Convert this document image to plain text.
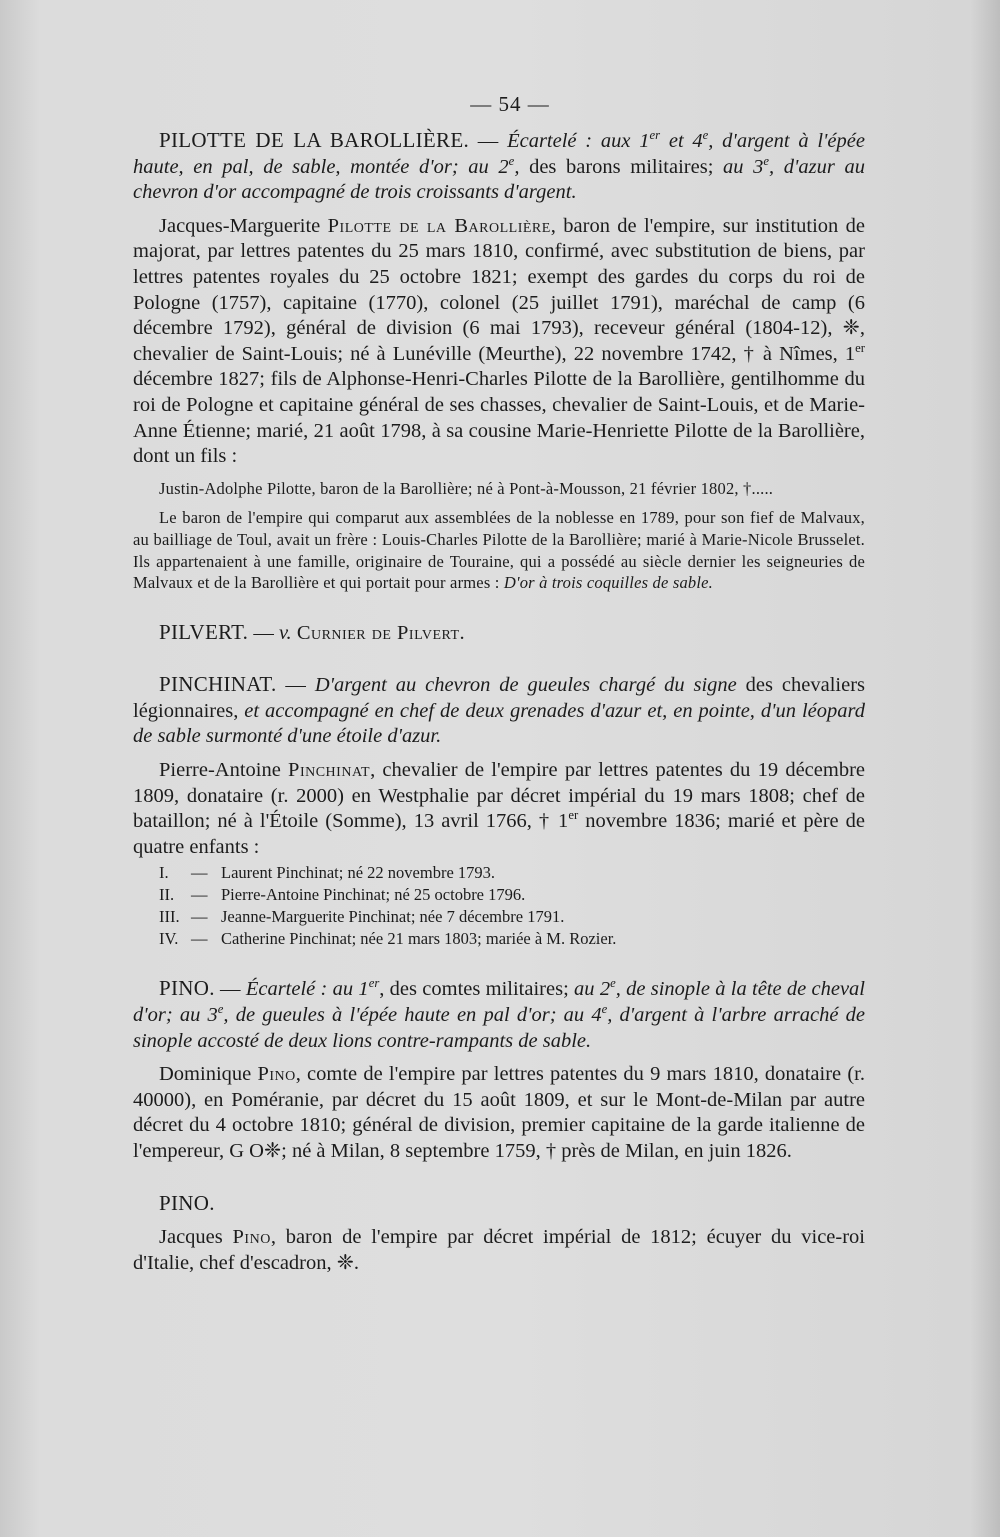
— 54 —

PILOTTE DE LA BAROLLIÈRE. — Écartelé : aux 1er et 4e, d'argent à l'épée haute, en pal, de sable, montée d'or; au 2e, des barons militaires; au 3e, d'azur au chevron d'or accompagné de trois croissants d'argent.

Jacques-Marguerite Pilotte de la Barollière, baron de l'empire, sur institution de majorat, par lettres patentes du 25 mars 1810, confirmé, avec substitution de biens, par lettres patentes royales du 25 octobre 1821; exempt des gardes du corps du roi de Pologne (1757), capitaine (1770), colonel (25 juillet 1791), maréchal de camp (6 décembre 1792), général de division (6 mai 1793), receveur général (1804-12), ❈, chevalier de Saint-Louis; né à Lunéville (Meurthe), 22 novembre 1742, † à Nîmes, 1er décembre 1827; fils de Alphonse-Henri-Charles Pilotte de la Barollière, gentilhomme du roi de Pologne et capitaine général de ses chasses, chevalier de Saint-Louis, et de Marie-Anne Étienne; marié, 21 août 1798, à sa cousine Marie-Henriette Pilotte de la Barollière, dont un fils :

Justin-Adolphe Pilotte, baron de la Barollière; né à Pont-à-Mousson, 21 février 1802, †.....

Le baron de l'empire qui comparut aux assemblées de la noblesse en 1789, pour son fief de Malvaux, au bailliage de Toul, avait un frère : Louis-Charles Pilotte de la Barollière; marié à Marie-Nicole Brusselet. Ils appartenaient à une famille, originaire de Touraine, qui a possédé au siècle dernier les seigneuries de Malvaux et de la Barollière et qui portait pour armes : D'or à trois coquilles de sable.

PILVERT. — v. Curnier de Pilvert.

PINCHINAT. — D'argent au chevron de gueules chargé du signe des chevaliers légionnaires, et accompagné en chef de deux grenades d'azur et, en pointe, d'un léopard de sable surmonté d'une étoile d'azur.

Pierre-Antoine Pinchinat, chevalier de l'empire par lettres patentes du 19 décembre 1809, donataire (r. 2000) en Westphalie par décret impérial du 19 mars 1808; chef de bataillon; né à l'Étoile (Somme), 13 avril 1766, † 1er novembre 1836; marié et père de quatre enfants :

I.	— Laurent Pinchinat; né 22 novembre 1793.
II.	— Pierre-Antoine Pinchinat; né 25 octobre 1796.
III. — Jeanne-Marguerite Pinchinat; née 7 décembre 1791.
IV. — Catherine Pinchinat; née 21 mars 1803; mariée à M. Rozier.

PINO. — Écartelé : au 1er, des comtes militaires; au 2e, de sinople à la tête de cheval d'or; au 3e, de gueules à l'épée haute en pal d'or; au 4e, d'argent à l'arbre arraché de sinople accosté de deux lions contre-rampants de sable.

Dominique Pino, comte de l'empire par lettres patentes du 9 mars 1810, donataire (r. 40000), en Poméranie, par décret du 15 août 1809, et sur le Mont-de-Milan par autre décret du 4 octobre 1810; général de division, premier capitaine de la garde italienne de l'empereur, G O❈; né à Milan, 8 septembre 1759, † près de Milan, en juin 1826.

PINO.

Jacques Pino, baron de l'empire par décret impérial de 1812; écuyer du vice-roi d'Italie, chef d'escadron, ❈.
